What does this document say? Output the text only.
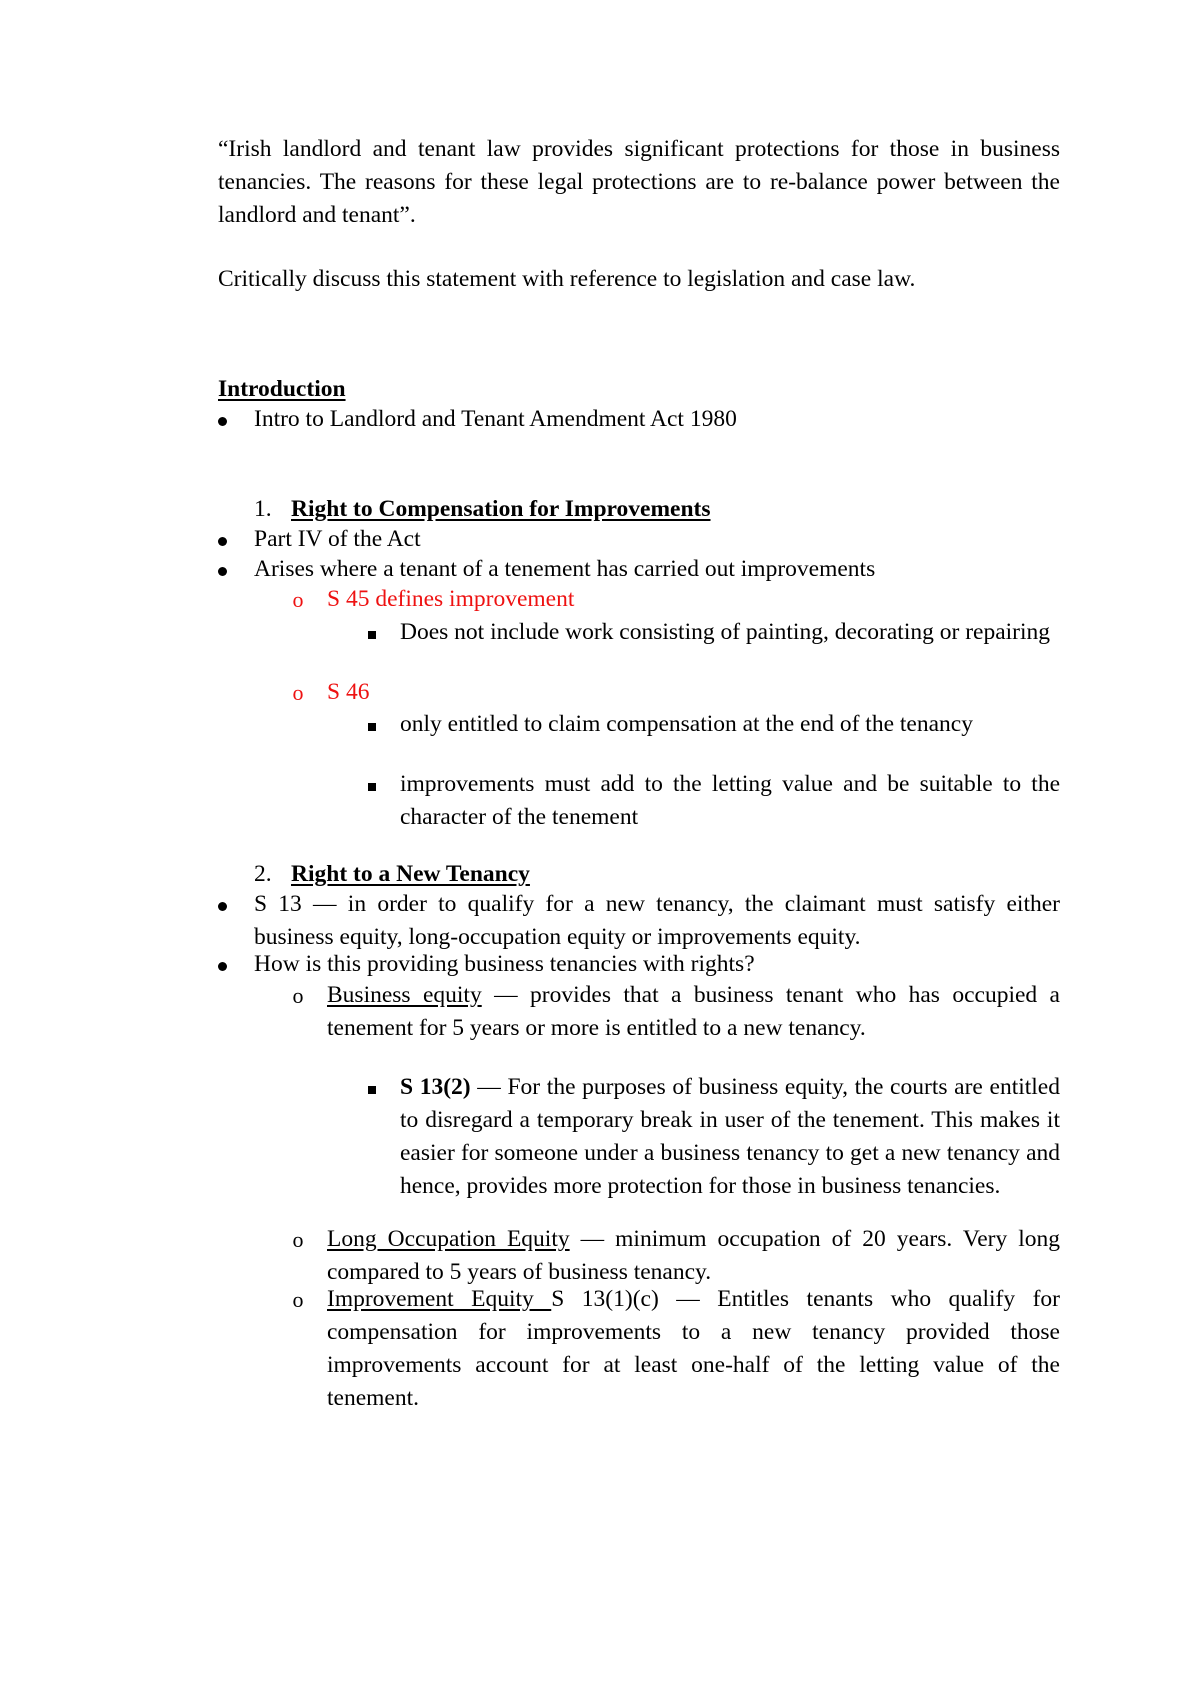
“Irish landlord and tenant law provides significant protections for those in business tenancies. The reasons for these legal protections are to re-balance power between the landlord and tenant”.
Critically discuss this statement with reference to legislation and case law.
Introduction
Intro to Landlord and Tenant Amendment Act 1980
1. Right to Compensation for Improvements
Part IV of the Act
Arises where a tenant of a tenement has carried out improvements
o S 45 defines improvement
Does not include work consisting of painting, decorating or repairing
o S 46
only entitled to claim compensation at the end of the tenancy
improvements must add to the letting value and be suitable to the character of the tenement
2. Right to a New Tenancy
S 13 — in order to qualify for a new tenancy, the claimant must satisfy either business equity, long-occupation equity or improvements equity.
How is this providing business tenancies with rights?
o Business equity — provides that a business tenant who has occupied a tenement for 5 years or more is entitled to a new tenancy.
S 13(2) — For the purposes of business equity, the courts are entitled to disregard a temporary break in user of the tenement. This makes it easier for someone under a business tenancy to get a new tenancy and hence, provides more protection for those in business tenancies.
o Long Occupation Equity — minimum occupation of 20 years. Very long compared to 5 years of business tenancy.
o Improvement Equity S 13(1)(c) — Entitles tenants who qualify for compensation for improvements to a new tenancy provided those improvements account for at least one-half of the letting value of the tenement.
